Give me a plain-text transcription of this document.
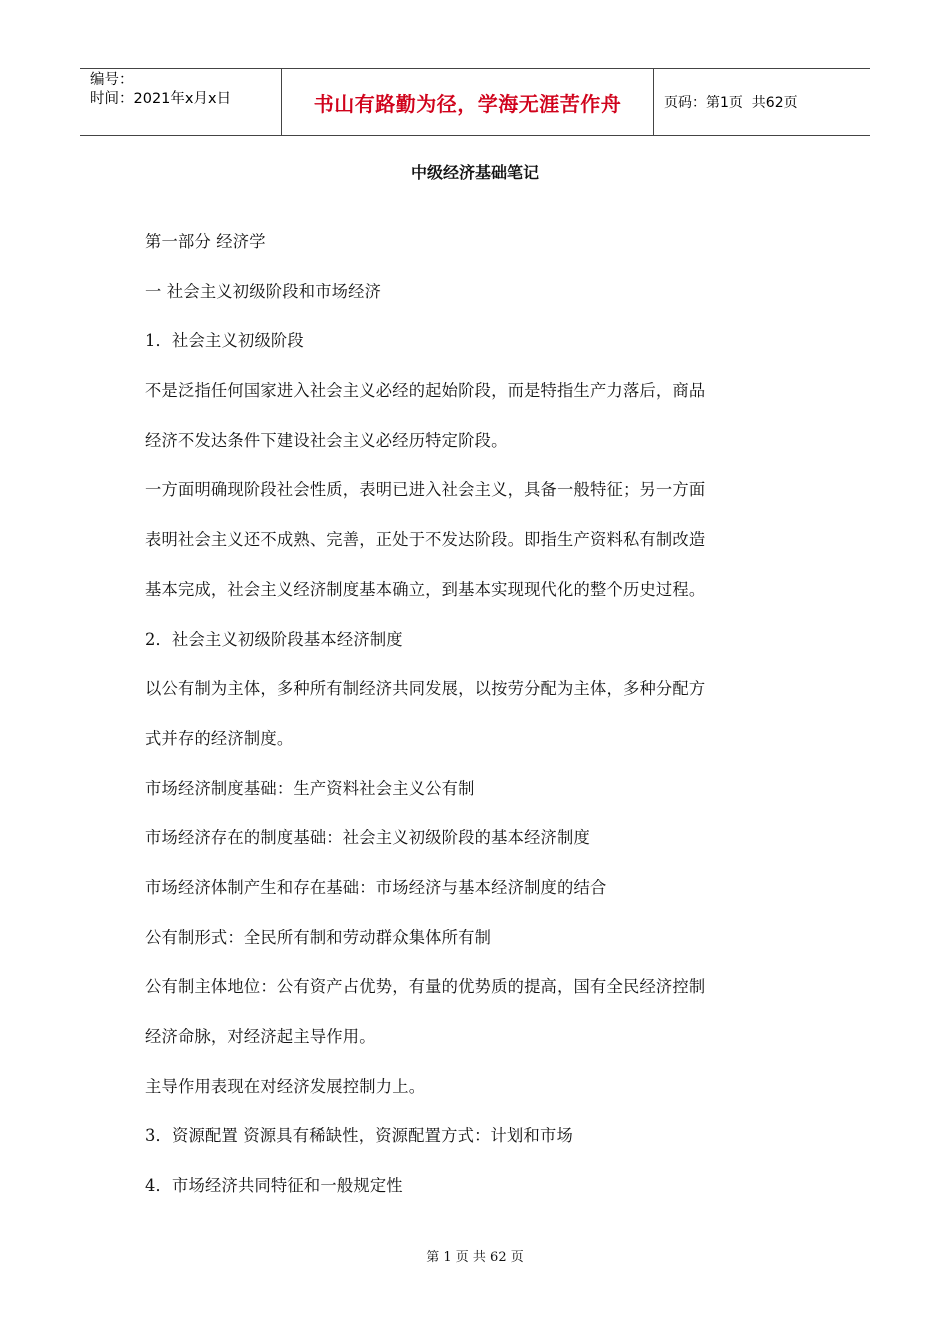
编号：
时间：2021年x月x日	书山有路勤为径，学海无涯苦作舟	页码：第1页  共62页
中级经济基础笔记
第一部分 经济学
一 社会主义初级阶段和市场经济
1．社会主义初级阶段
不是泛指任何国家进入社会主义必经的起始阶段，而是特指生产力落后，商品
经济不发达条件下建设社会主义必经历特定阶段。
一方面明确现阶段社会性质，表明已进入社会主义，具备一般特征；另一方面
表明社会主义还不成熟、完善，正处于不发达阶段。即指生产资料私有制改造
基本完成，社会主义经济制度基本确立，到基本实现现代化的整个历史过程。
2．社会主义初级阶段基本经济制度
以公有制为主体，多种所有制经济共同发展，以按劳分配为主体，多种分配方
式并存的经济制度。
市场经济制度基础：生产资料社会主义公有制
市场经济存在的制度基础：社会主义初级阶段的基本经济制度
市场经济体制产生和存在基础：市场经济与基本经济制度的结合
公有制形式：全民所有制和劳动群众集体所有制
公有制主体地位：公有资产占优势，有量的优势质的提高，国有全民经济控制
经济命脉，对经济起主导作用。
主导作用表现在对经济发展控制力上。
3．资源配置 资源具有稀缺性，资源配置方式：计划和市场
4．市场经济共同特征和一般规定性
第 1 页 共 62 页
